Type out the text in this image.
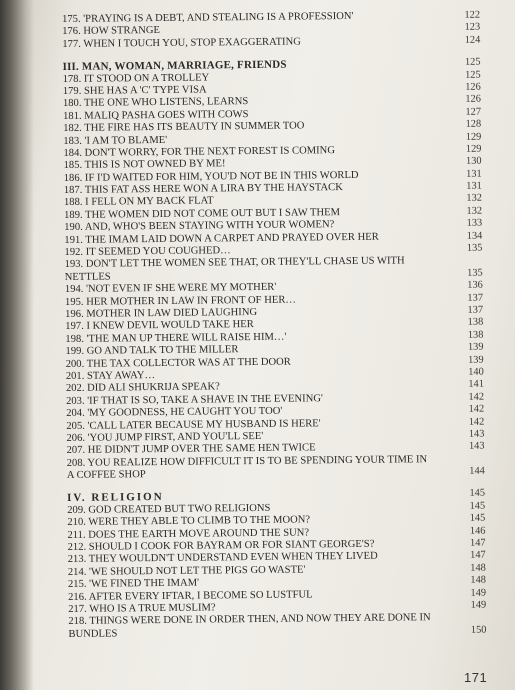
175. 'PRAYING IS A DEBT, AND STEALING IS A PROFESSION'	122
176. HOW STRANGE	123
177. WHEN I TOUCH YOU, STOP EXAGGERATING	124
III. MAN, WOMAN, MARRIAGE, FRIENDS	125
178. IT STOOD ON A TROLLEY	125
179. SHE HAS A 'C' TYPE VISA	126
180. THE ONE WHO LISTENS, LEARNS	126
181. MALIQ PASHA GOES WITH COWS	127
182. THE FIRE HAS ITS BEAUTY IN SUMMER TOO	128
183. 'I AM TO BLAME'	129
184. DON'T WORRY, FOR THE NEXT FOREST IS COMING	129
185. THIS IS NOT OWNED BY ME!	130
186. IF I'D WAITED FOR HIM, YOU'D NOT BE IN THIS WORLD	131
187. THIS FAT ASS HERE WON A LIRA BY THE HAYSTACK	131
188. I FELL ON MY BACK FLAT	132
189. THE WOMEN DID NOT COME OUT BUT I SAW THEM	132
190. AND, WHO'S BEEN STAYING WITH YOUR WOMEN?	133
191. THE IMAM LAID DOWN A CARPET AND PRAYED OVER HER	134
192. IT SEEMED YOU COUGHED…	135
193. DON'T LET THE WOMEN SEE THAT, OR THEY'LL CHASE US WITH
NETTLES	135
194. 'NOT EVEN IF SHE WERE MY MOTHER'	136
195. HER MOTHER IN LAW IN FRONT OF HER…	137
196. MOTHER IN LAW DIED LAUGHING	137
197. I KNEW DEVIL WOULD TAKE HER	138
198. 'THE MAN UP THERE WILL RAISE HIM…'	138
199. GO AND TALK TO THE MILLER	139
200. THE TAX COLLECTOR WAS AT THE DOOR	139
201. STAY AWAY…	140
202. DID ALI SHUKRIJA SPEAK?	141
203. 'IF THAT IS SO, TAKE A SHAVE IN THE EVENING'	142
204. 'MY GOODNESS, HE CAUGHT YOU TOO'	142
205. 'CALL LATER BECAUSE MY HUSBAND IS HERE'	142
206. 'YOU JUMP FIRST, AND YOU'LL SEE'	143
207. HE DIDN'T JUMP OVER THE SAME HEN TWICE	143
208. YOU REALIZE HOW DIFFICULT IT IS TO BE SPENDING YOUR TIME IN
A COFFEE SHOP	144
IV. RELIGION	145
209. GOD CREATED BUT TWO RELIGIONS	145
210. WERE THEY ABLE TO CLIMB TO THE MOON?	145
211. DOES THE EARTH MOVE AROUND THE SUN?	146
212. SHOULD I COOK FOR BAYRAM OR FOR SIANT GEORGE'S?	147
213. THEY WOULDN'T UNDERSTAND EVEN WHEN THEY LIVED	147
214. 'WE SHOULD NOT LET THE PIGS GO WASTE'	148
215. 'WE FINED THE IMAM'	148
216. AFTER EVERY IFTAR, I BECOME SO LUSTFUL	149
217. WHO IS A TRUE MUSLIM?	149
218. THINGS WERE DONE IN ORDER THEN, AND NOW THEY ARE DONE IN
BUNDLES	150
171
